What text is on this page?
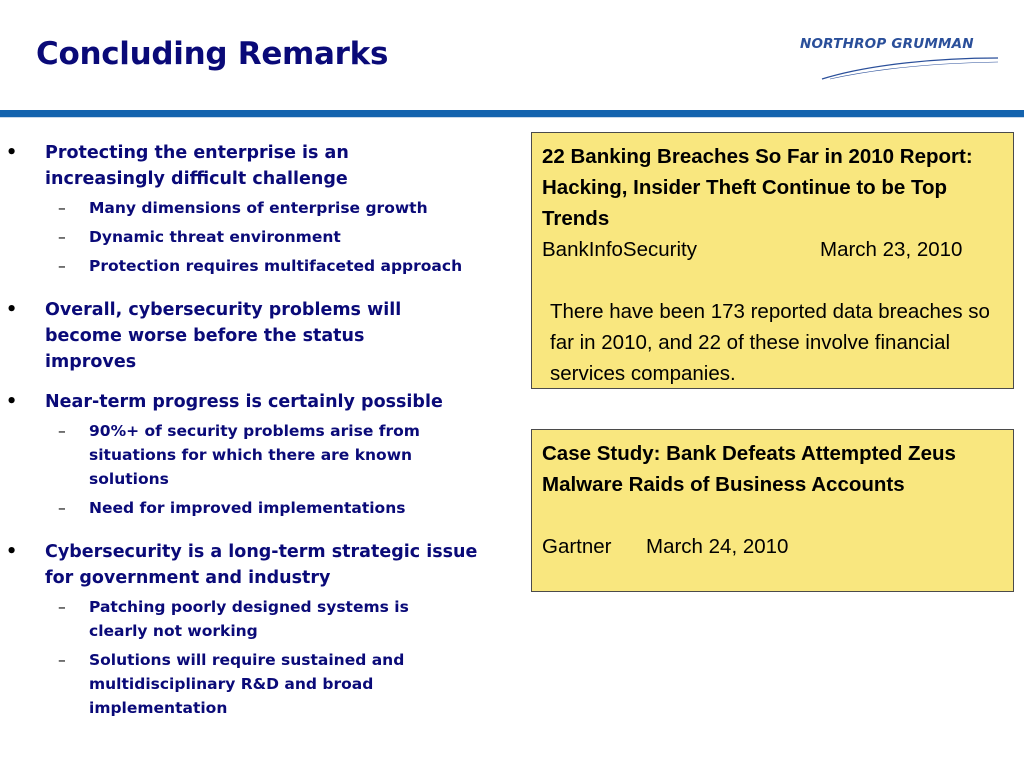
Concluding Remarks	NORTHROP GRUMMAN
• Protecting the enterprise is an increasingly difficult challenge
– Many dimensions of enterprise growth
– Dynamic threat environment
– Protection requires multifaceted approach
• Overall, cybersecurity problems will become worse before the status improves
• Near-term progress is certainly possible
– 90%+ of security problems arise from situations for which there are known solutions
– Need for improved implementations
• Cybersecurity is a long-term strategic issue for government and industry
– Patching poorly designed systems is clearly not working
– Solutions will require sustained and multidisciplinary R&D and broad implementation
22 Banking Breaches So Far in 2010 Report: Hacking, Insider Theft Continue to be Top Trends
BankInfoSecurity	March 23, 2010
There have been 173 reported data breaches so far in 2010, and 22 of these involve financial services companies.
Case Study: Bank Defeats Attempted Zeus Malware Raids of Business Accounts
Gartner	March 24, 2010
